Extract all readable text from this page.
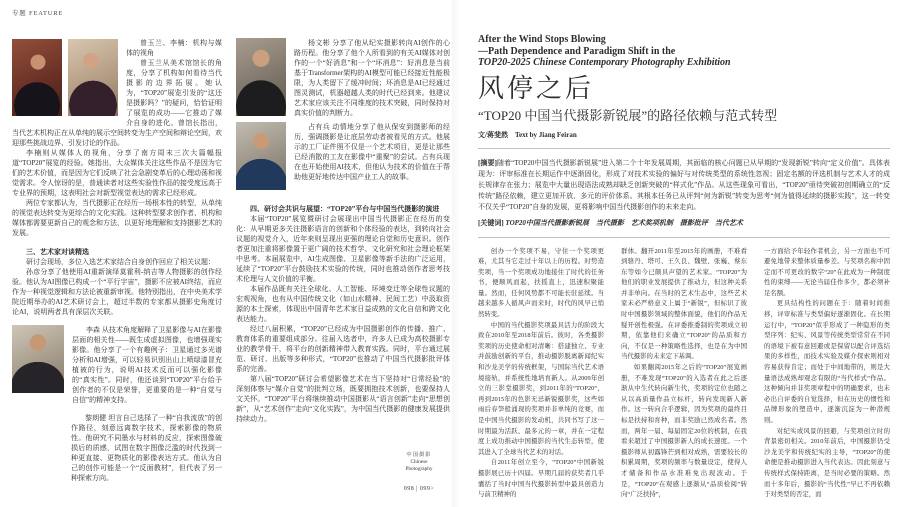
专题 FEATURE

曾玉兰、李楠：机构与媒体的视角

曾玉兰从美术馆馆长的角度，分享了机构如何看待当代摄影的边界拓展。她认为，“TOP20”展览引发的“这还是摄影吗？”的疑问，恰恰证明了展览的成功——它推动了媒介自身的进化。曾馆长指出，当代艺术机构正在从单纯的展示空间转变为生产空间和辩论空间，欢迎那些挑战边界、引发讨论的作品。

李楠则从媒体人的视角，分享了南方周末三次大篇幅报道“TOP20”展览的经验。她指出，大众媒体关注这些作品不是因为它们的艺术价值，而是因为它们反映了社会急剧变革后的心理动荡和视觉需求。令人惊讶的是，普通读者对这些实验性作品的接受度远高于专业界的预期，这表明社会对新型视觉表达的需求已经形成。

两位专家都认为，当代摄影正在经历一场根本性的转型，从单纯的视觉表达转变为更综合的文化实践。这种转型要求创作者、机构和媒体都需要更新自己的观念和方法，以更好地理解和支持摄影艺术的发展。

三、艺术家对谈精选

研讨会现场，多位入选艺术家结合自身创作回应了相关议题：

孙彦分享了他使用AI重新演绎莫霍利-纳吉等人物摄影的创作经验。他认为AI图像已构成一个“平行宇宙”，摄影不应被AI终结，而应作为一种视觉逻辑和方法论被重新审视。他特别指出，在中央美术学院近期举办的AI艺术研讨会上，超过半数的专家都从摄影史角度讨论AI，说明两者具有深层次关联。

李森 从技术角度解释了卫星影像与AI在影像层面的相关性——既生成虚拟图像，也增强现实影像。他分享了一个有趣例子：卫星通过多光谱分析和AI增强，可以轻易识别出山上喷绿漆冒充植被的行为，说明AI技术反而可以强化影像的“真实性”。同时，他还谈到“TOP20”平台给予创作者的不仅是荣誉，更重要的是一种“自觉与自信”的精神支持。

黎朗健 坦言自己选择了一种“自我流放”的创作路径，刻意远离数字技术，探索影像的物质性。他研究不同墨水与材料的反应，探索图像破损后的质感，试图在数字图像泛滥的时代找到一种更直接、更物质化的影像表达方式。他认为自己的创作可能是一个“反面教材”，但代表了另一种探索方向。

杨文彬 分享了他从纪实摄影转向AI创作的心路历程。他分享了他个人所看到的有关AI媒体对创作的一个“好消息”和一个“坏消息”：好消息是当前基于Transformer架构的AI模型可能已经接近性能极限，为人类留下了缓冲时间；坏消息是AI已经通过图灵测试，机器超越人类的时代已经到来。他建议艺术家应该关注不同维度的技术突破，同时保持对真实价值的判断力。

占有兵 动情地分享了他从保安到摄影师的经历，强调摄影是让底层劳动者被看见的方式。他展示的工厂证件照不仅是一个艺术项目，更是让那些已经消散的工友在影像中“重聚”的尝试。占有兵现在也开始使用AI技术，但他认为技术的价值在于帮助他更好地传达中国产业工人的故事。

四、研讨会共识与展望：“TOP20”平台与中国当代摄影的演进

本届“TOP20”展览暨研讨会展现出中国当代摄影正在经历的变化：从早期更多关注摄影语言的创新和个体经验的表达，到转向社会议题的视觉介入，近年来则呈现出更强的理论自觉和历史意识。创作者更加注重将影像置于更广阔的技术哲学、文化研究和社会理论框架中思考。本届展览中，AI生成图像、卫星影像等新手法的广泛运用，延续了“TOP20”平台鼓励技术实验的传统，同时也推动创作者思考技术伦理与人文价值的平衡。

本届作品既有关注全球化、人工智能、环境变迁等全球性议题的宏观视角，也有从中国传统文化（如山水精神、民间工艺）中汲取资源的本土探索，体现出中国青年艺术家日益成熟的文化自信和跨文化表达能力。

经过八届积累，“TOP20”已经成为中国摄影创作的传播、推广、教育体系的重要组成部分。往届入选者中，许多人已成为高校摄影专业的教学骨干，将平台的创新精神带入教育实践。同时，平台通过展览、研讨、出版等多种形式，“TOP20”也推动了中国当代摄影批评体系的完善。

第八届“TOP20”研讨会希望影像艺术在当下坚持对“日常经验”的深刻体察与“媒介自觉”的批判立场，既要拥抱技术创新，也要保持人文关怀。“TOP20”平台将继续推动中国摄影从“语言创新”走向“思想创新”，从“艺术创作”走向“文化实践”，为中国当代摄影的健康发展提供持续动力。

中国摄影
Chinese
Photography
098 | 099>
After the Wind Stops Blowing
—Path Dependence and Paradigm Shift in the
TOP20-2025 Chinese Contemporary Photography Exhibition
风停之后
“TOP20 中国当代摄影新锐展”的路径依赖与范式转型
文/蒋斐然　Text by Jiang Feiran

[摘要]随着“TOP20中国当代摄影新锐展”进入第二个十年发展周期，其面临的核心问题已从早期的“发现新锐”转向“定义价值”。具体表现为：评审标准在长期运作中逐渐固化，形成了对技术实验的偏好与对传统类型的系统性忽视；固定名额的评选机制与艺术人才的成长规律存在张力；展览中大量出现语法成熟却缺乏创新突破的“样式化”作品。从这些现象可看出，“TOP20”亟待突破初创期确立的“反传统”路径依赖，建立更加开放、多元的评价体系。其根本任务已从评判“何为新锐”转变为思考“何为值得延续的摄影实践”，这一转变不仅关乎“TOP20”自身的发展，更将影响中国当代摄影创作的未来走向。

[关键词] TOP20中国当代摄影新锐展　当代摄影　艺术奖项机制　摄影批评　当代艺术

创办一个奖项不易，守住一个奖项更难，尤其当它走过十年以上的历程。时势造奖项，当一个奖项成功地接住了时代的任务书，便顺风而起，扶摇直上，迅速积聚能量。然而，任何风势都不可能长驻延续。当越来越多人循风声而来时，时代的风早已悄然转变。

中国的当代摄影奖项最具活力的阶段大致在2010年至2018年前后。彼时，各类摄影奖项的历史使命相对清晰：搭建独立、专业并鼓励创新的平台，推动摄影脱离新闻纪实和沙龙美学的传统框架，与国际当代艺术语境接轨，并系统性地培育新人。从2009年创立的三影堂摄影奖，到2011年的“TOP20”，再到2015年的色影无忌新锐摄影奖，这些如雨后春笋般涌现的奖项并非单纯的竞赛，而是中国当代摄影的发动机，共同书写了这一时期最为活跃、最多元的一章，并在一定程度上成功推动中国摄影的当代生态转型，使其进入了全球当代艺术的对话。

自2011年创立至今，“TOP20”中国新锐摄影展已历十四届。早期几届的获奖者几乎囊括了当时中国当代摄影转型中最具创造力与前卫精神的

群体。翻开2011年至2015年的画册，不难看到骆丹、塔可、王久良、魏壁、张巍、蔡东东等如今已颇具声望的艺术家。“TOP20”为他们的职业发展提供了推动力，但这种关系并非单向。在当时的艺术生态中，这些艺术家未必严格意义上属于“新锐”，但标识了彼时中国摄影领域的整体面貌，他们的作品无疑开创性极强。在评委推委制的奖项成立初期，依靠他们来确立“TOP20”的品质和方向，不仅是一种策略性选择，也是在为中国当代摄影的未来定下基调。

如果翻阅2015年之后的“TOP20”展览画册，不难发现“TOP20”的入选者在此之后逐渐从中生代转向新生代，奖项的定位也随之从以高质量作品立标杆，转向发现新人新作。这一转向合乎逻辑，因为奖项的最终目标是扶持和育种，而非奖励已然成名者。然而，两年一届、每届固定20位的机制，在我看来超过了中国摄影新人的成长速度。一个摄影师从初露锋芒到相对成熟，需要较长的积累周期，奖项的频率与数量设定，使得人才储备和作品水准难免出现波动。于是，“TOP20”在观感上逐渐从“品质检阅”转向“广泛扶持”，

一方面给予年轻作者机会，另一方面也不可避免地带来整体质量参差。与奖项名称中固定而不可更改的数字“20”在此成为一种制度性的束缚——无论当届佳作多少，都必须补足名额。

更具结构性的问题在于：随着时间推移，评审标准与类型偏好逐渐固化。在长期运行中，“TOP20”似乎形成了一种隐形的类型序列：纪实、风景等传统类型常常在不同的语境下被有意回避或是保留以配合评选结果的多样性，而技术实验及媒介探索则相对容易获得肯定；而处于中间地带的，则是大量语法成熟却观念有限的“当代样式”作品。这种倾向并非奖项章程中的明确要求，也未必出自评委的自觉选择，但在历史的惯性和品牌形象的塑造中，逐渐沉淀为一种潜规则。

对纪实或风景的回避，与奖项创立时的背景密切相关。2010年前后，中国摄影仍受沙龙美学和传统纪实的主导，“TOP20”的使命便是推动摄影进入当代表达。因此刻意与传统样式保持距离，是当时必要的策略。然而十多年后，摄影的“当代性”早已不再依赖于对类型的否定，而
